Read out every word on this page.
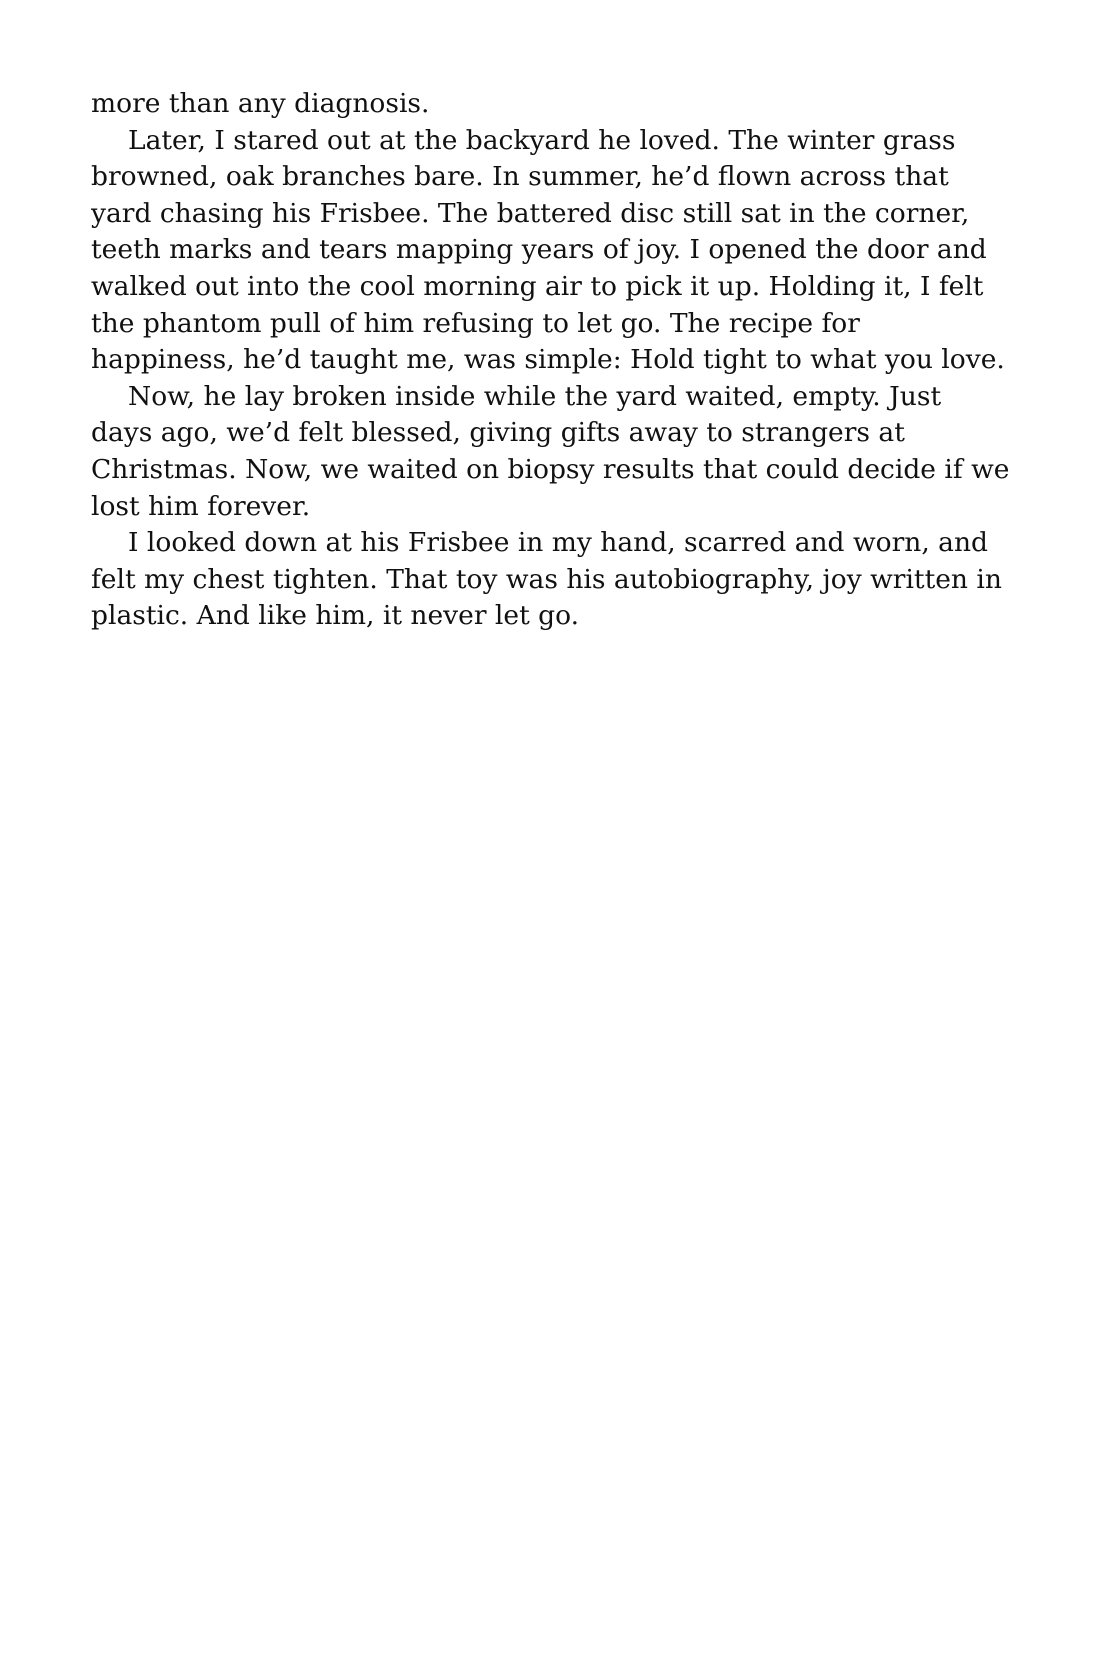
more than any diagnosis.
Later, I stared out at the backyard he loved. The winter grass
browned, oak branches bare. In summer, he’d flown across that
yard chasing his Frisbee. The battered disc still sat in the corner,
teeth marks and tears mapping years of joy. I opened the door and
walked out into the cool morning air to pick it up. Holding it, I felt
the phantom pull of him refusing to let go. The recipe for
happiness, he’d taught me, was simple: Hold tight to what you love.
Now, he lay broken inside while the yard waited, empty. Just
days ago, we’d felt blessed, giving gifts away to strangers at
Christmas. Now, we waited on biopsy results that could decide if we
lost him forever.
I looked down at his Frisbee in my hand, scarred and worn, and
felt my chest tighten. That toy was his autobiography, joy written in
plastic. And like him, it never let go.
